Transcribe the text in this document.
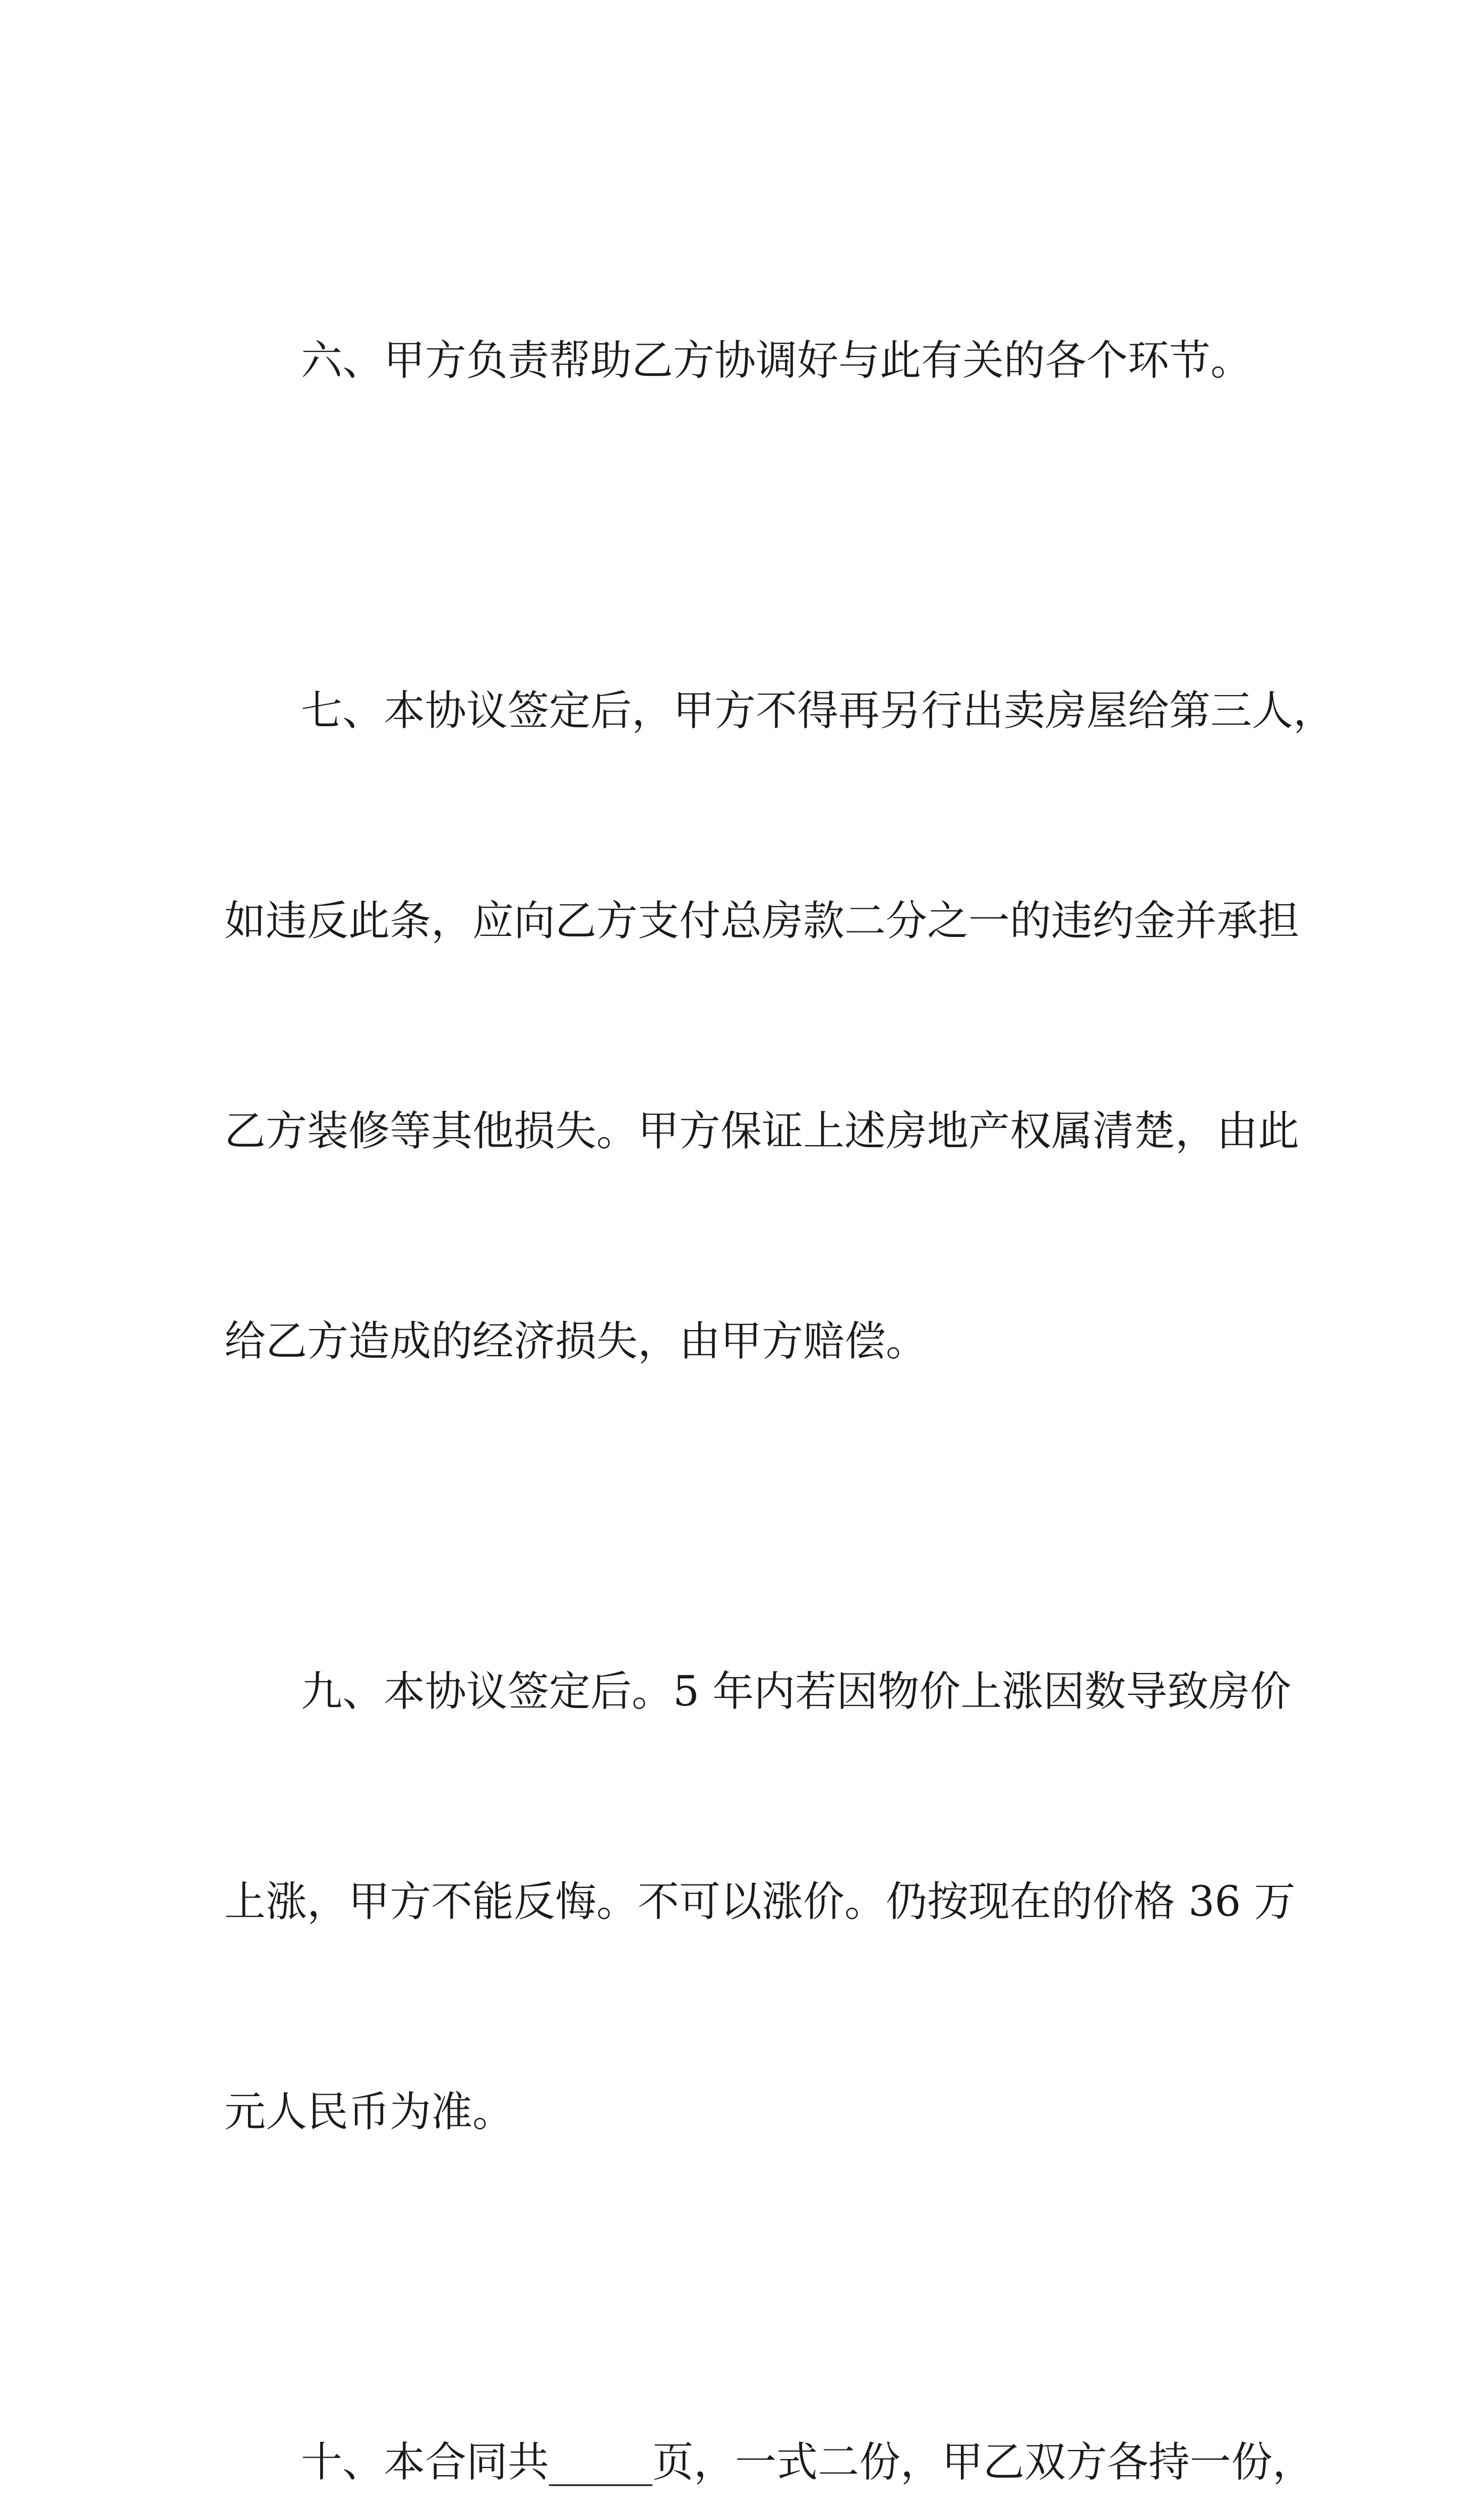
六、甲方负责帮助乙方协调好与此有关的各个环节。

七、本协议签定后，甲方不得再另行出卖房屋给第三人，

如违反此条，应向乙方支付总房款二分之一的违约金并承担

乙方装修等其他损失。甲方保证上述房地产权属清楚，由此

给乙方造成的经济损失，由甲方赔偿。

九、本协议签定后。5 年内若因物价上涨因数导致房价

上涨，甲方不能反悔。不可以涨价。仍按现在的价格 36 万

元人民币为准。

十、本合同共_____页，一式二份，甲乙双方各持一份，
